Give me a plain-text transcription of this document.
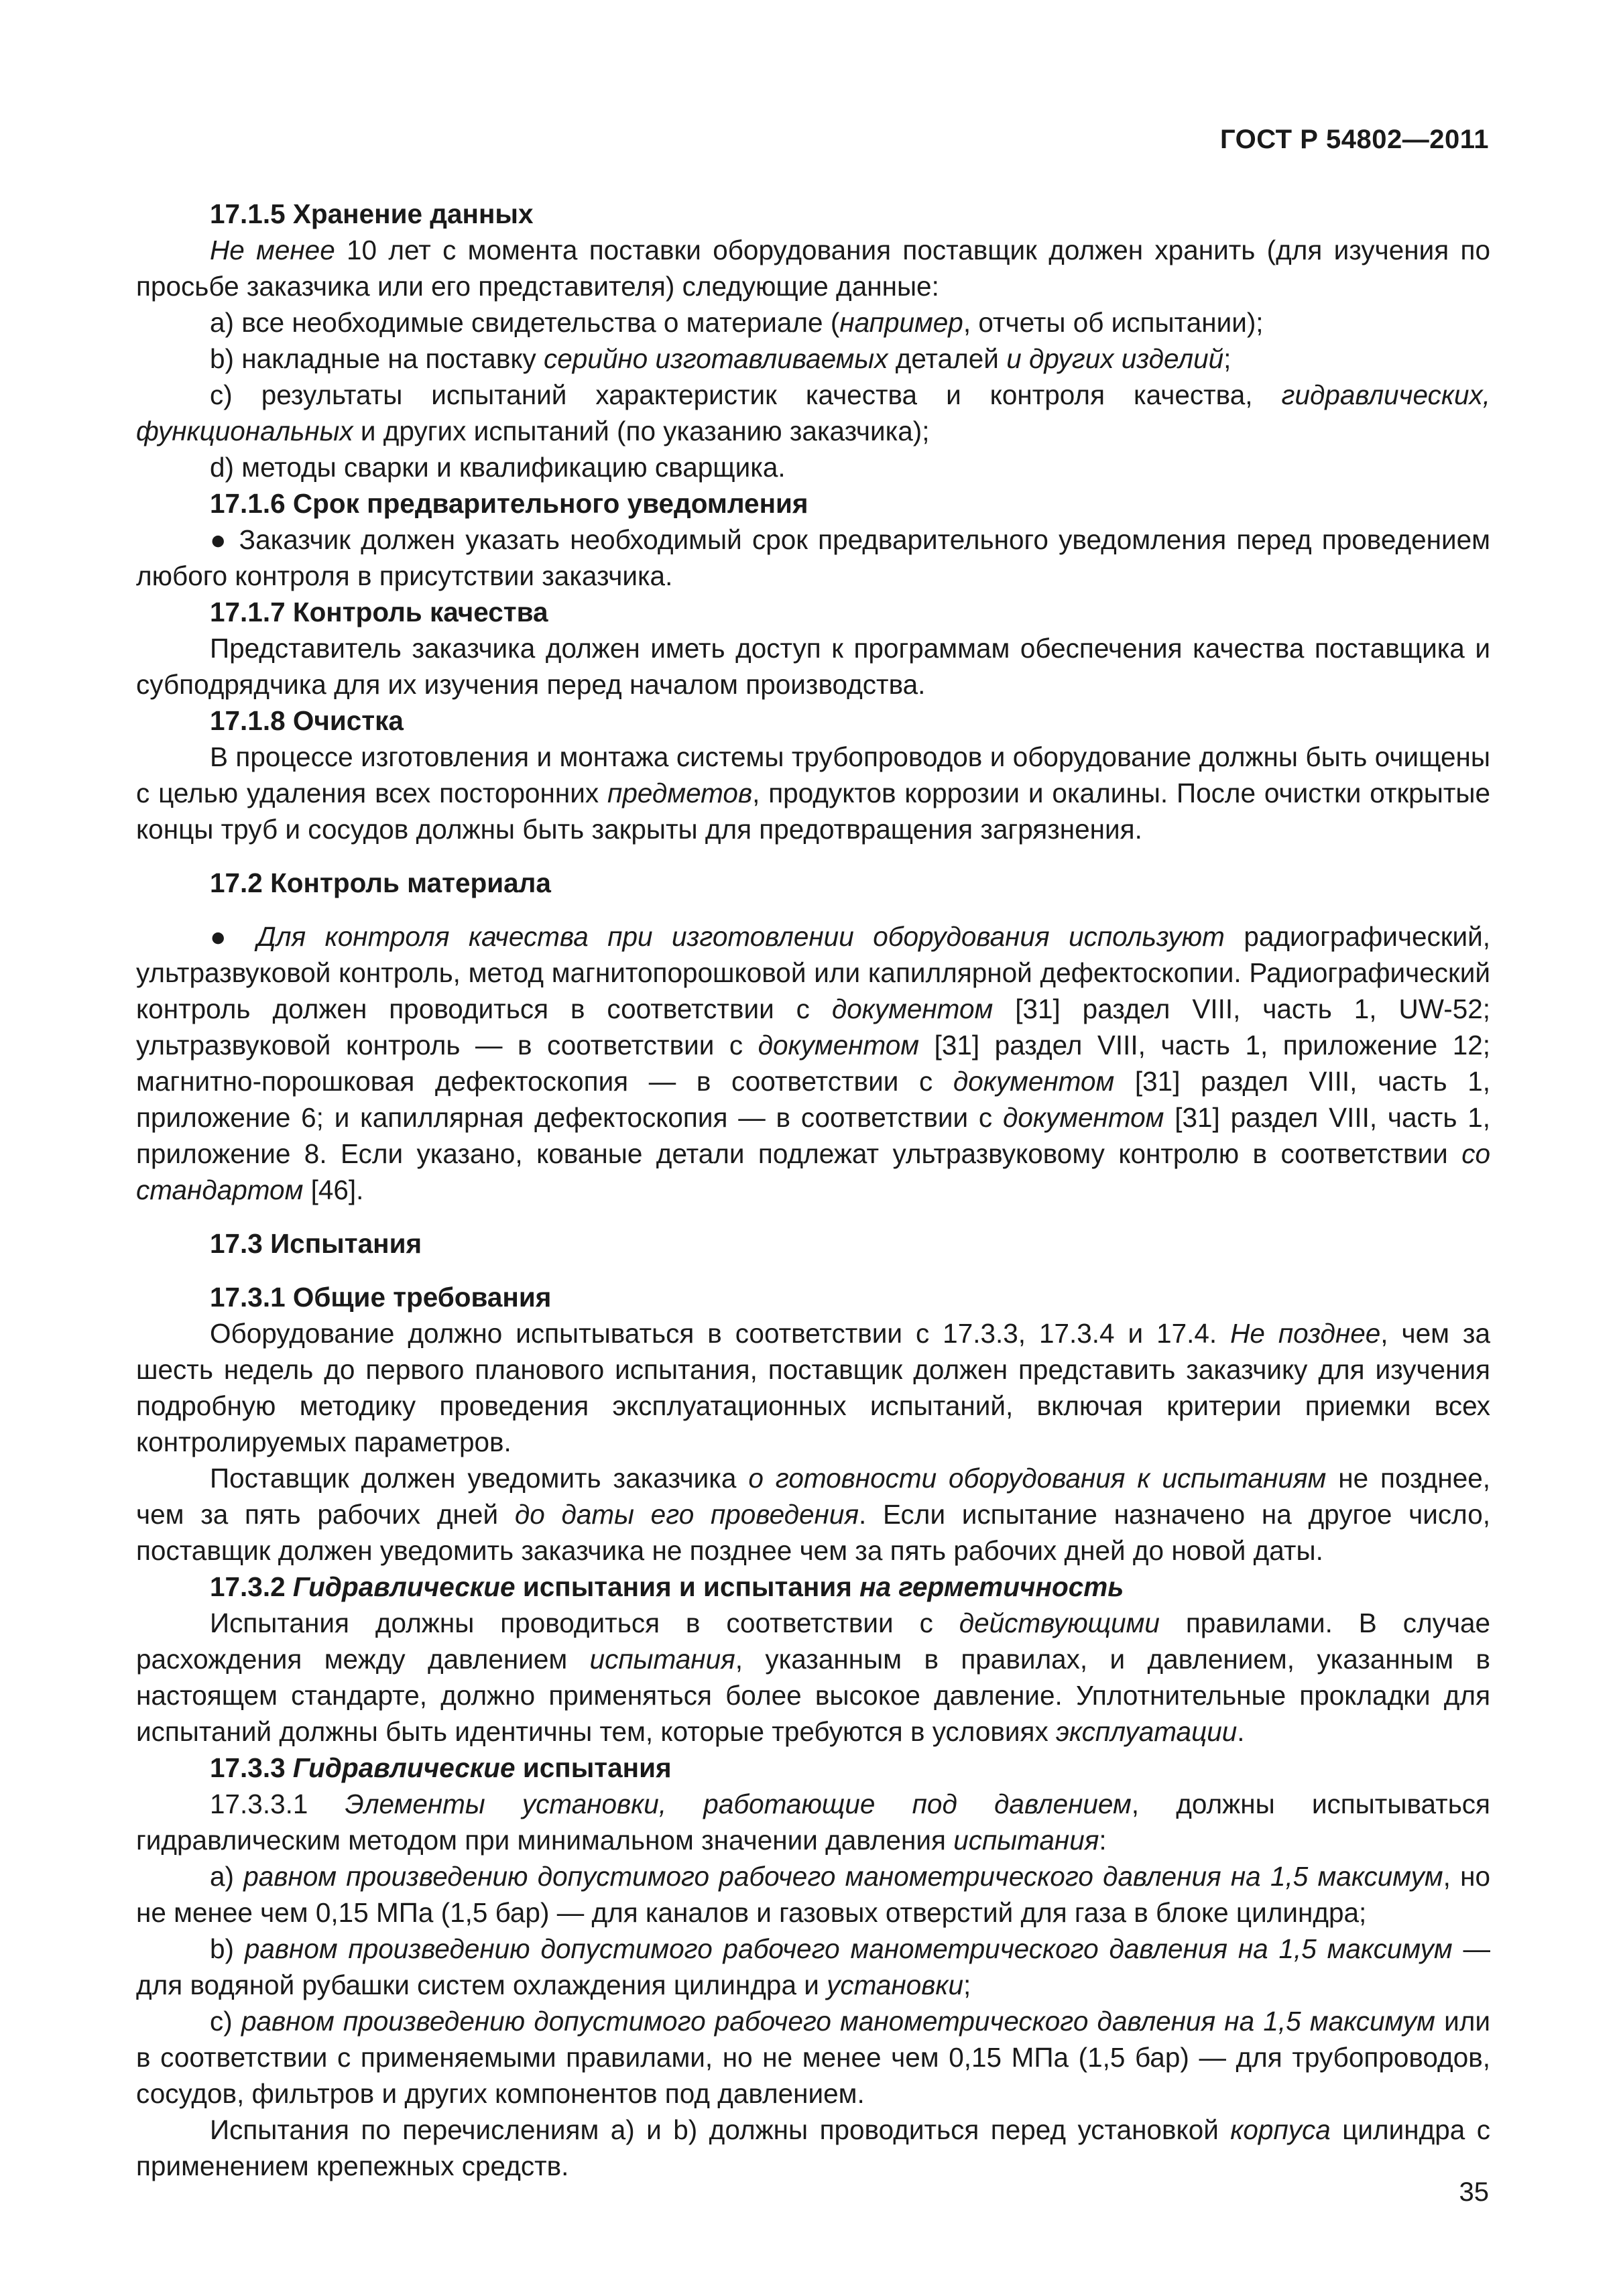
ГОСТ Р 54802—2011

17.1.5 Хранение данных

Не менее 10 лет с момента поставки оборудования поставщик должен хранить (для изучения по просьбе заказчика или его представителя) следующие данные:

а) все необходимые свидетельства о материале (например, отчеты об испытании);

b) накладные на поставку серийно изготавливаемых деталей и других изделий;

с) результаты испытаний характеристик качества и контроля качества, гидравлических, функциональных и других испытаний (по указанию заказчика);

d) методы сварки и квалификацию сварщика.

17.1.6 Срок предварительного уведомления

● Заказчик должен указать необходимый срок предварительного уведомления перед проведением любого контроля в присутствии заказчика.

17.1.7 Контроль качества

Представитель заказчика должен иметь доступ к программам обеспечения качества поставщика и субподрядчика для их изучения перед началом производства.

17.1.8 Очистка

В процессе изготовления и монтажа системы трубопроводов и оборудование должны быть очищены с целью удаления всех посторонних предметов, продуктов коррозии и окалины. После очистки открытые концы труб и сосудов должны быть закрыты для предотвращения загрязнения.

17.2 Контроль материала

● Для контроля качества при изготовлении оборудования используют радиографический, ультразвуковой контроль, метод магнитопорошковой или капиллярной дефектоскопии. Радиографический контроль должен проводиться в соответствии с документом [31] раздел VIII, часть 1, UW-52; ультразвуковой контроль — в соответствии с документом [31] раздел VIII, часть 1, приложение 12; магнитно-порошковая дефектоскопия — в соответствии с документом [31] раздел VIII, часть 1, приложение 6; и капиллярная дефектоскопия — в соответствии с документом [31] раздел VIII, часть 1, приложение 8. Если указано, кованые детали подлежат ультразвуковому контролю в соответствии со стандартом [46].

17.3 Испытания

17.3.1 Общие требования

Оборудование должно испытываться в соответствии с 17.3.3, 17.3.4 и 17.4. Не позднее, чем за шесть недель до первого планового испытания, поставщик должен представить заказчику для изучения подробную методику проведения эксплуатационных испытаний, включая критерии приемки всех контролируемых параметров.

Поставщик должен уведомить заказчика о готовности оборудования к испытаниям не позднее, чем за пять рабочих дней до даты его проведения. Если испытание назначено на другое число, поставщик должен уведомить заказчика не позднее чем за пять рабочих дней до новой даты.

17.3.2 Гидравлические испытания и испытания на герметичность

Испытания должны проводиться в соответствии с действующими правилами. В случае расхождения между давлением испытания, указанным в правилах, и давлением, указанным в настоящем стандарте, должно применяться более высокое давление. Уплотнительные прокладки для испытаний должны быть идентичны тем, которые требуются в условиях эксплуатации.

17.3.3 Гидравлические испытания

17.3.3.1 Элементы установки, работающие под давлением, должны испытываться гидравлическим методом при минимальном значении давления испытания:

а) равном произведению допустимого рабочего манометрического давления на 1,5 максимум, но не менее чем 0,15 МПа (1,5 бар) — для каналов и газовых отверстий для газа в блоке цилиндра;

b) равном произведению допустимого рабочего манометрического давления на 1,5 максимум — для водяной рубашки систем охлаждения цилиндра и установки;

с) равном произведению допустимого рабочего манометрического давления на 1,5 максимум или в соответствии с применяемыми правилами, но не менее чем 0,15 МПа (1,5 бар) — для трубопроводов, сосудов, фильтров и других компонентов под давлением.

Испытания по перечислениям а) и b) должны проводиться перед установкой корпуса цилиндра с применением крепежных средств.

35
